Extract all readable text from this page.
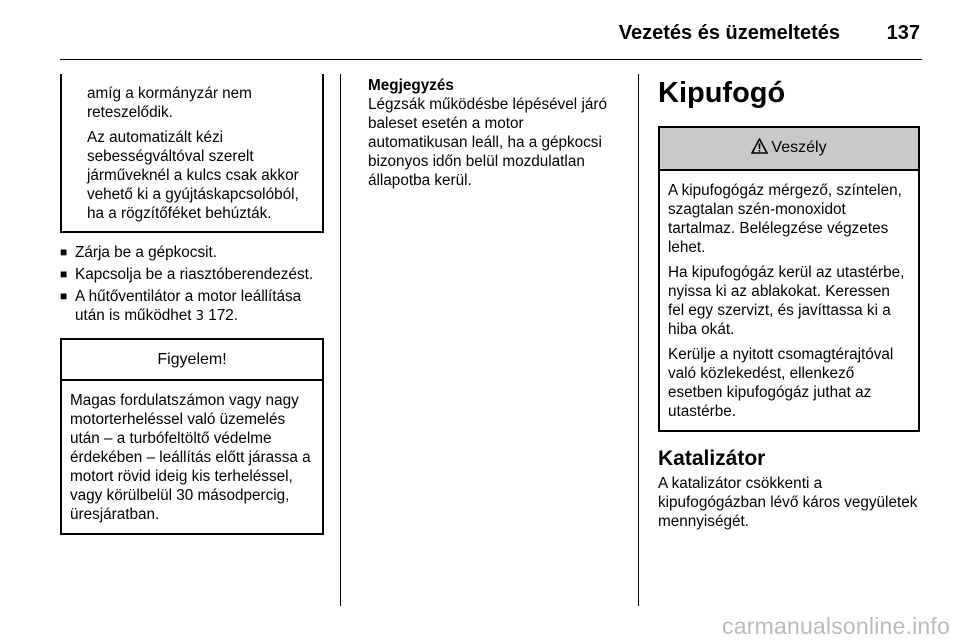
Vezetés és üzemeltetés 137

amíg a kormányzár nem reteszelődik.

Az automatizált kézi sebességváltóval szerelt járműveknél a kulcs csak akkor vehető ki a gyújtáskapcsolóból, ha a rögzítőféket behúzták.

■ Zárja be a gépkocsit.
■ Kapcsolja be a riasztóberendezést.
■ A hűtőventilátor a motor leállítása után is működhet 3 172.
Figyelem!

Magas fordulatszámon vagy nagy motorterheléssel való üzemelés után – a turbófeltöltő védelme érdekében – leállítás előtt járassa a motort rövid ideig kis terheléssel, vagy körülbelül 30 másodpercig, üresjáratban.

Megjegyzés

Légzsák működésbe lépésével járó baleset esetén a motor automatikusan leáll, ha a gépkocsi bizonyos időn belül mozdulatlan állapotba kerül.

Kipufogó
Veszély

A kipufogógáz mérgező, színtelen, szagtalan szén-monoxidot tartalmaz. Belélegzése végzetes lehet.

Ha kipufogógáz kerül az utastérbe, nyissa ki az ablakokat. Keressen fel egy szervizt, és javíttassa ki a hiba okát.

Kerülje a nyitott csomagtérajtóval való közlekedést, ellenkező esetben kipufogógáz juthat az utastérbe.

Katalizátor

A katalizátor csökkenti a kipufogógázban lévő káros vegyületek mennyiségét.

carmanualsonline.info
